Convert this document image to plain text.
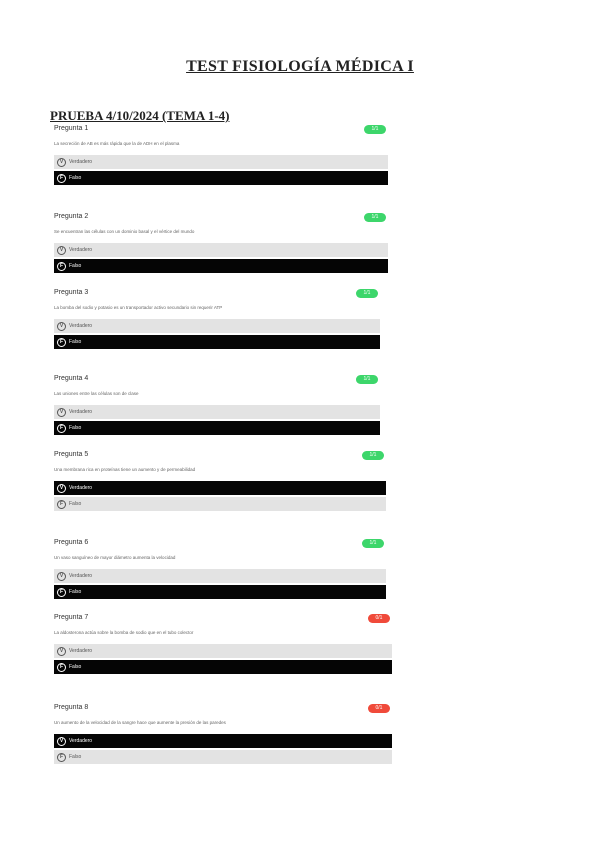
TEST FISIOLOGÍA MÉDICA I
PRUEBA 4/10/2024 (TEMA 1-4)
Pregunta 1	1/1
La secreción de AB es más rápida que la de ADH en el plasma
V	Verdadero
F	Falso
Pregunta 2	1/1
Se encuentran las células con un dominio basal y el vértice del mundo
V	Verdadero
F	Falso
Pregunta 3	1/1
La bomba del sodio y potasio es un transportador activo secundario sin requerir ATP
V	Verdadero
F	Falso
Pregunta 4	1/1
Las uniones entre las células son de clase
V	Verdadero
F	Falso
Pregunta 5	1/1
Una membrana rica en proteínas tiene un aumento y de permeabilidad
V	Verdadero
F	Falso
Pregunta 6	1/1
Un vaso sanguíneo de mayor diámetro aumenta la velocidad
V	Verdadero
F	Falso
Pregunta 7	0/1
La aldosterona actúa sobre la bomba de sodio que en el tubo colector
V	Verdadero
F	Falso
Pregunta 8	0/1
Un aumento de la velocidad de la sangre hace que aumente la presión de las paredes
V	Verdadero
F	Falso
